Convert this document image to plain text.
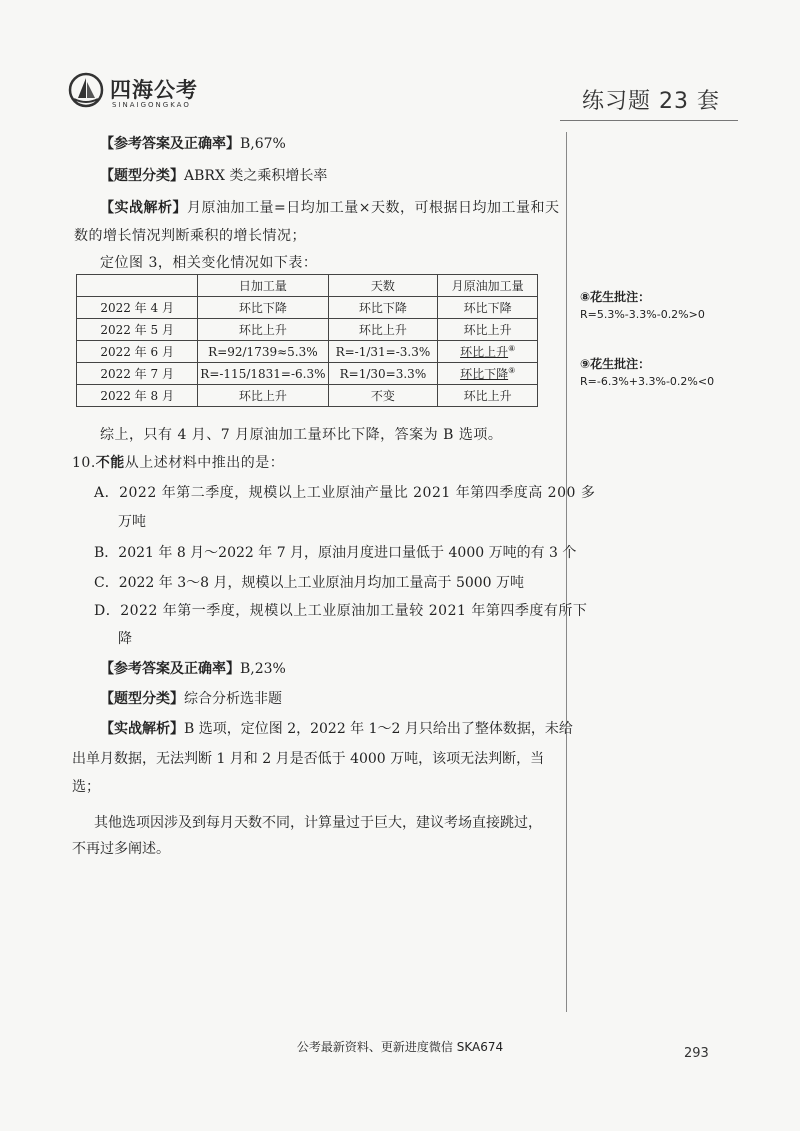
四海公考
SINAIGONGKAO	练习题 23 套
【参考答案及正确率】B,67%
【题型分类】ABRX 类之乘积增长率
【实战解析】月原油加工量=日均加工量×天数，可根据日均加工量和天
数的增长情况判断乘积的增长情况；
定位图 3，相关变化情况如下表：
	日加工量	天数	月原油加工量
2022 年 4 月	环比下降	环比下降	环比下降
2022 年 5 月	环比上升	环比上升	环比上升
2022 年 6 月	R=92/1739≈5.3%	R=-1/31=-3.3%	环比上升⑧
2022 年 7 月	R=-115/1831=-6.3%	R=1/30=3.3%	环比下降⑨
2022 年 8 月	环比上升	不变	环比上升
综上，只有 4 月、7 月原油加工量环比下降，答案为 B 选项。
10.不能从上述材料中推出的是：
A．2022 年第二季度，规模以上工业原油产量比 2021 年第四季度高 200 多
万吨
B．2021 年 8 月～2022 年 7 月，原油月度进口量低于 4000 万吨的有 3 个
C．2022 年 3～8 月，规模以上工业原油月均加工量高于 5000 万吨
D．2022 年第一季度，规模以上工业原油加工量较 2021 年第四季度有所下
降
【参考答案及正确率】B,23%
【题型分类】综合分析选非题
【实战解析】B 选项，定位图 2，2022 年 1～2 月只给出了整体数据，未给
出单月数据，无法判断 1 月和 2 月是否低于 4000 万吨，该项无法判断，当
选；
其他选项因涉及到每月天数不同，计算量过于巨大，建议考场直接跳过，
不再过多阐述。
⑧花生批注：
R=5.3%-3.3%-0.2%>0
⑨花生批注：
R=-6.3%+3.3%-0.2%<0
公考最新资料、更新进度微信 SKA674	293
